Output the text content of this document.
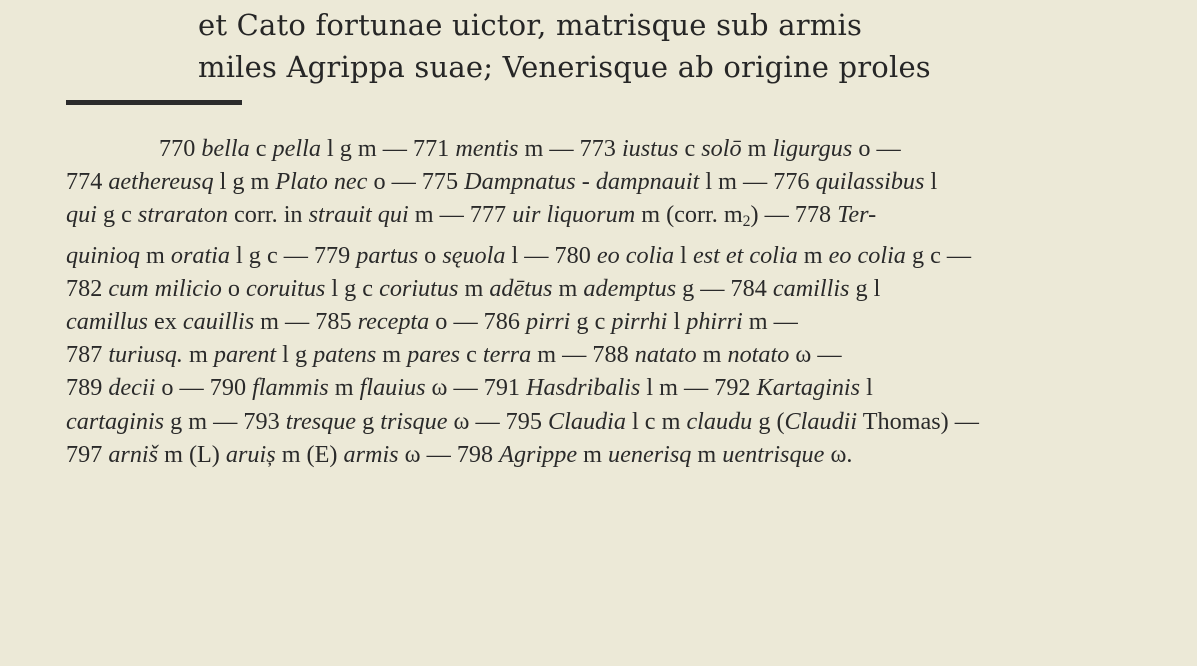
et Cato fortunae uictor, matrisque sub armis
miles Agrippa suae; Venerisque ab origine proles
770 bella c pella l g m — 771 mentis m — 773 iustus c solō m ligurgus o —
774 aethereusq l g m Plato nec o — 775 Dampnatus - dampnauit l m — 776 quilassibus l
qui g c straraton corr. in strauit qui m — 777 uir liquorum m (corr. $m_2$) — 778 Ter-
quinioq m oratia l g c — 779 partus o sęuola l — 780 eo colia l est et colia m eo colia g c —
782 cum milicio o coruitus l g c coriutus m adētus m ademptus g — 784 camillis g l
camillus ex cauillis m — 785 recepta o — 786 pirri g c pirrhi l phirri m —
787 turiusq. m parent l g patens m pares c terra m — 788 natato m notato ω —
789 decii o — 790 flammis m flauius ω — 791 Hasdribalis l m — 792 Kartaginis l
cartaginis g m — 793 tresque g trisque ω — 795 Claudia l c m claudu g (Claudii Thomas) —
797 arniš m (L) aruiș m (E) armis ω — 798 Agrippe m uenerisq m uentrisque ω.
